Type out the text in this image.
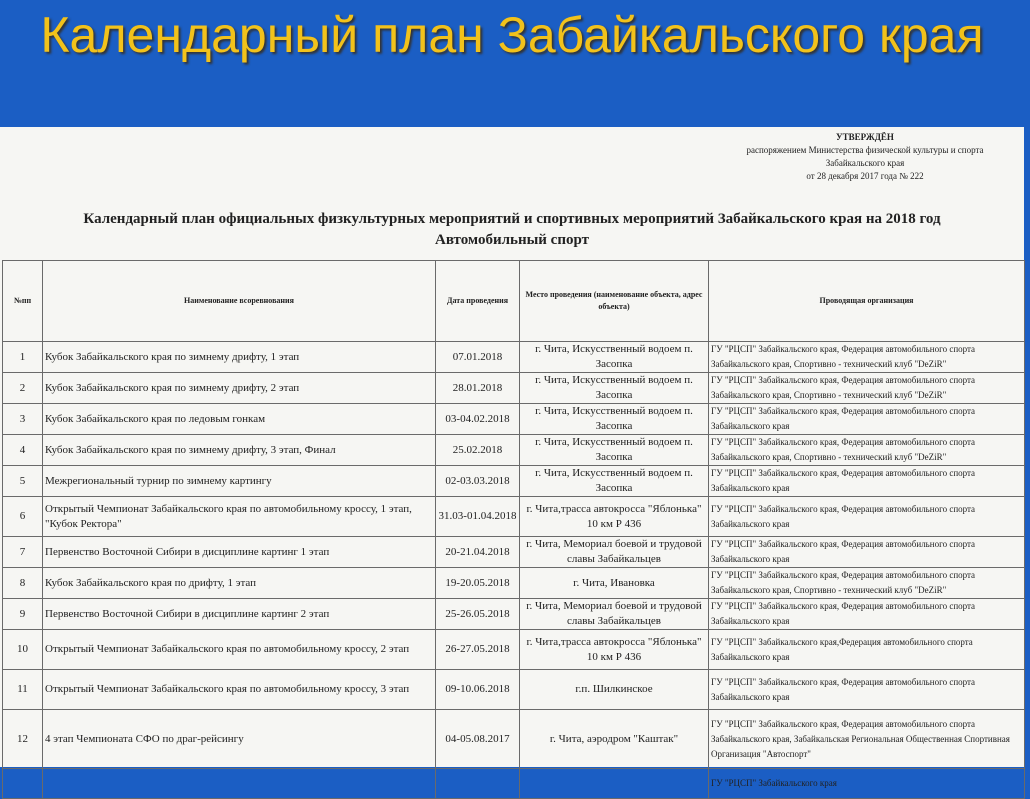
Календарный план Забайкальского края
УТВЕРЖДЁН
распоряжением Министерства физической культуры и спорта
Забайкальского края
от 28 декабря 2017 года № 222
Календарный план официальных физкультурных мероприятий и спортивных мероприятий Забайкальского края на 2018 год
Автомобильный спорт
№пп	Наименование всоревнования	Дата проведения	Место проведения (наименование объекта, адрес объекта)	Проводящая организация
1	Кубок Забайкальского края по зимнему дрифту, 1 этап	07.01.2018	г. Чита, Искусственный водоем п. Засопка	ГУ "РЦСП" Забайкальского края, Федерация автомобильного спорта Забайкальского края, Спортивно - технический клуб "DeZiR"
2	Кубок Забайкальского края по зимнему дрифту, 2 этап	28.01.2018	г. Чита, Искусственный водоем п. Засопка	ГУ "РЦСП" Забайкальского края, Федерация автомобильного спорта Забайкальского края, Спортивно - технический клуб "DeZiR"
3	Кубок Забайкальского края по ледовым гонкам	03-04.02.2018	г. Чита, Искусственный водоем п. Засопка	ГУ "РЦСП" Забайкальского края, Федерация автомобильного спорта Забайкальского края
4	Кубок Забайкальского края по зимнему дрифту, 3 этап, Финал	25.02.2018	г. Чита, Искусственный водоем п. Засопка	ГУ "РЦСП" Забайкальского края, Федерация автомобильного спорта Забайкальского края, Спортивно - технический клуб "DeZiR"
5	Межрегиональный турнир по зимнему картингу	02-03.03.2018	г. Чита, Искусственный водоем п. Засопка	ГУ "РЦСП" Забайкальского края, Федерация автомобильного спорта Забайкальского края
6	Открытый Чемпионат Забайкальского края по автомобильному кроссу, 1 этап, "Кубок Ректора"	31.03-01.04.2018	г. Чита,трасса автокросса "Яблонька" 10 км Р 436	ГУ "РЦСП" Забайкальского края, Федерация автомобильного спорта Забайкальского края
7	Первенство Восточной Сибири в дисциплине картинг 1 этап	20-21.04.2018	г. Чита, Мемориал боевой и трудовой славы Забайкальцев	ГУ "РЦСП" Забайкальского края, Федерация автомобильного спорта Забайкальского края
8	Кубок Забайкальского края по дрифту, 1 этап	19-20.05.2018	г. Чита, Ивановка	ГУ "РЦСП" Забайкальского края, Федерация автомобильного спорта Забайкальского края, Спортивно - технический клуб "DeZiR"
9	Первенство Восточной Сибири в дисциплине картинг 2 этап	25-26.05.2018	г. Чита, Мемориал боевой и трудовой славы Забайкальцев	ГУ "РЦСП" Забайкальского края, Федерация автомобильного спорта Забайкальского края
10	Открытый Чемпионат Забайкальского края по автомобильному кроссу, 2 этап	26-27.05.2018	г. Чита,трасса автокросса "Яблонька" 10 км Р 436	ГУ "РЦСП" Забайкальского края,Федерация автомобильного спорта Забайкальского края
11	Открытый Чемпионат Забайкальского края по автомобильному кроссу, 3 этап	09-10.06.2018	г.п. Шилкинское	ГУ "РЦСП" Забайкальского края, Федерация автомобильного спорта Забайкальского края
12	4 этап Чемпионата СФО по драг-рейсингу	04-05.08.2017	г. Чита, аэродром "Каштак"	ГУ "РЦСП" Забайкальского края, Федерация автомобильного спорта Забайкальского края, Забайкальская Региональная Общественная Спортивная Организация "Автоспорт"
				ГУ "РЦСП" Забайкальского края
